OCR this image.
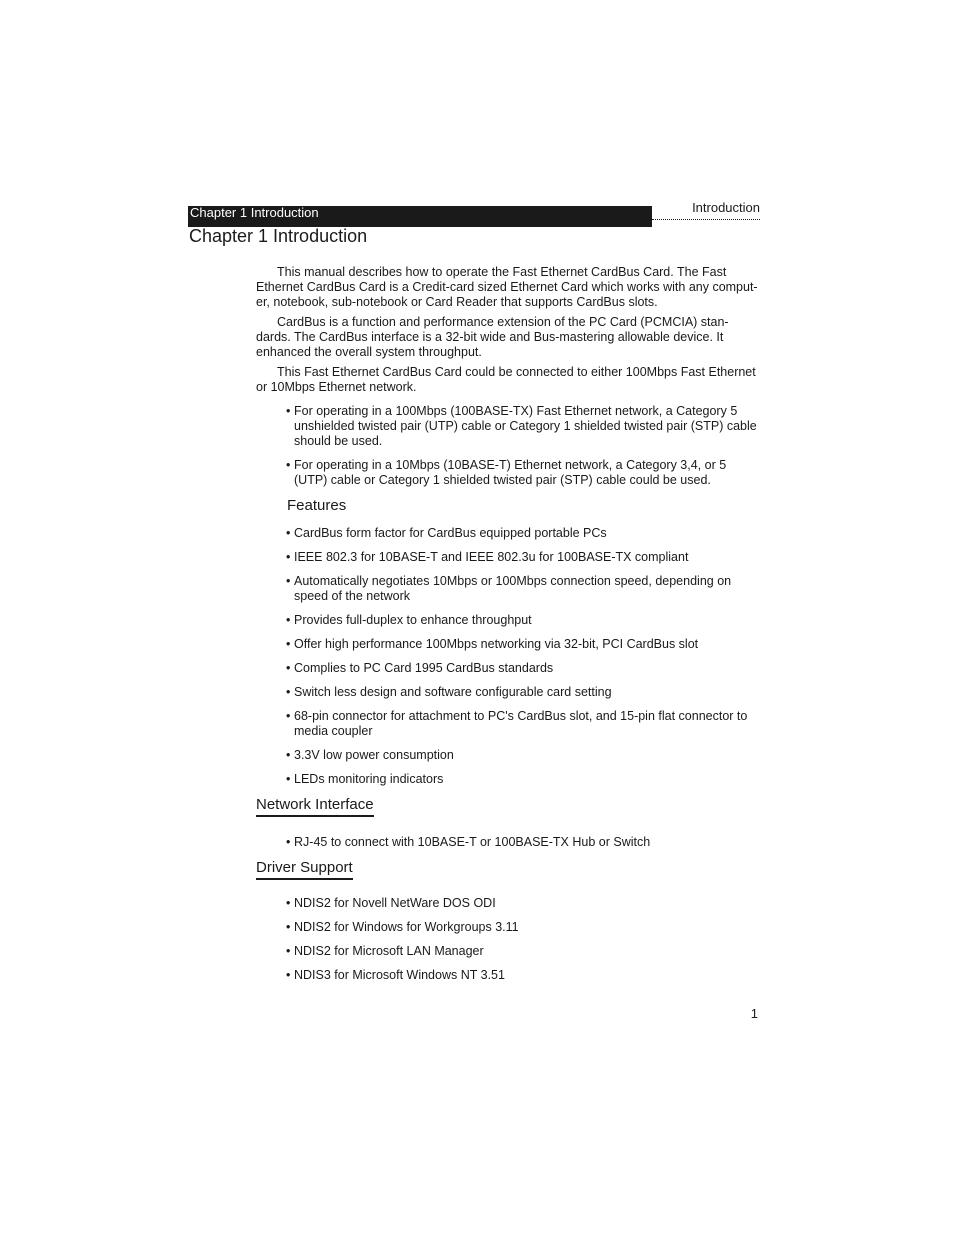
Chapter 1 Introduction	Introduction
Chapter 1 Introduction

This manual describes how to operate the Fast Ethernet CardBus Card. The Fast Ethernet CardBus Card is a Credit-card sized Ethernet Card which works with any comput-er, notebook, sub-notebook or Card Reader that supports CardBus slots.

CardBus is a function and performance extension of the PC Card (PCMCIA) stan-dards. The CardBus interface is a 32-bit wide and Bus-mastering allowable device. It enhanced the overall system throughput.

This Fast Ethernet CardBus Card could be connected to either 100Mbps Fast Ethernet or 10Mbps Ethernet network.

• For operating in a 100Mbps (100BASE-TX) Fast Ethernet network, a Category 5 unshielded twisted pair (UTP) cable or Category 1 shielded twisted pair (STP) cable should be used.
• For operating in a 10Mbps (10BASE-T) Ethernet network, a Category 3,4, or 5 (UTP) cable or Category 1 shielded twisted pair (STP) cable could be used.
Features
• CardBus form factor for CardBus equipped portable PCs
• IEEE 802.3 for 10BASE-T and IEEE 802.3u for 100BASE-TX compliant
• Automatically negotiates 10Mbps or 100Mbps connection speed, depending on speed of the network
• Provides full-duplex to enhance throughput
• Offer high performance 100Mbps networking via 32-bit, PCI CardBus slot
• Complies to PC Card 1995 CardBus standards
• Switch less design and software configurable card setting
• 68-pin connector for attachment to PC's CardBus slot, and 15-pin flat connector to media coupler
• 3.3V low power consumption
• LEDs monitoring indicators
Network Interface
• RJ-45 to connect with 10BASE-T or 100BASE-TX Hub or Switch
Driver Support
• NDIS2 for Novell NetWare DOS ODI
• NDIS2 for Windows for Workgroups 3.11
• NDIS2 for Microsoft LAN Manager
• NDIS3 for Microsoft Windows NT 3.51
1
